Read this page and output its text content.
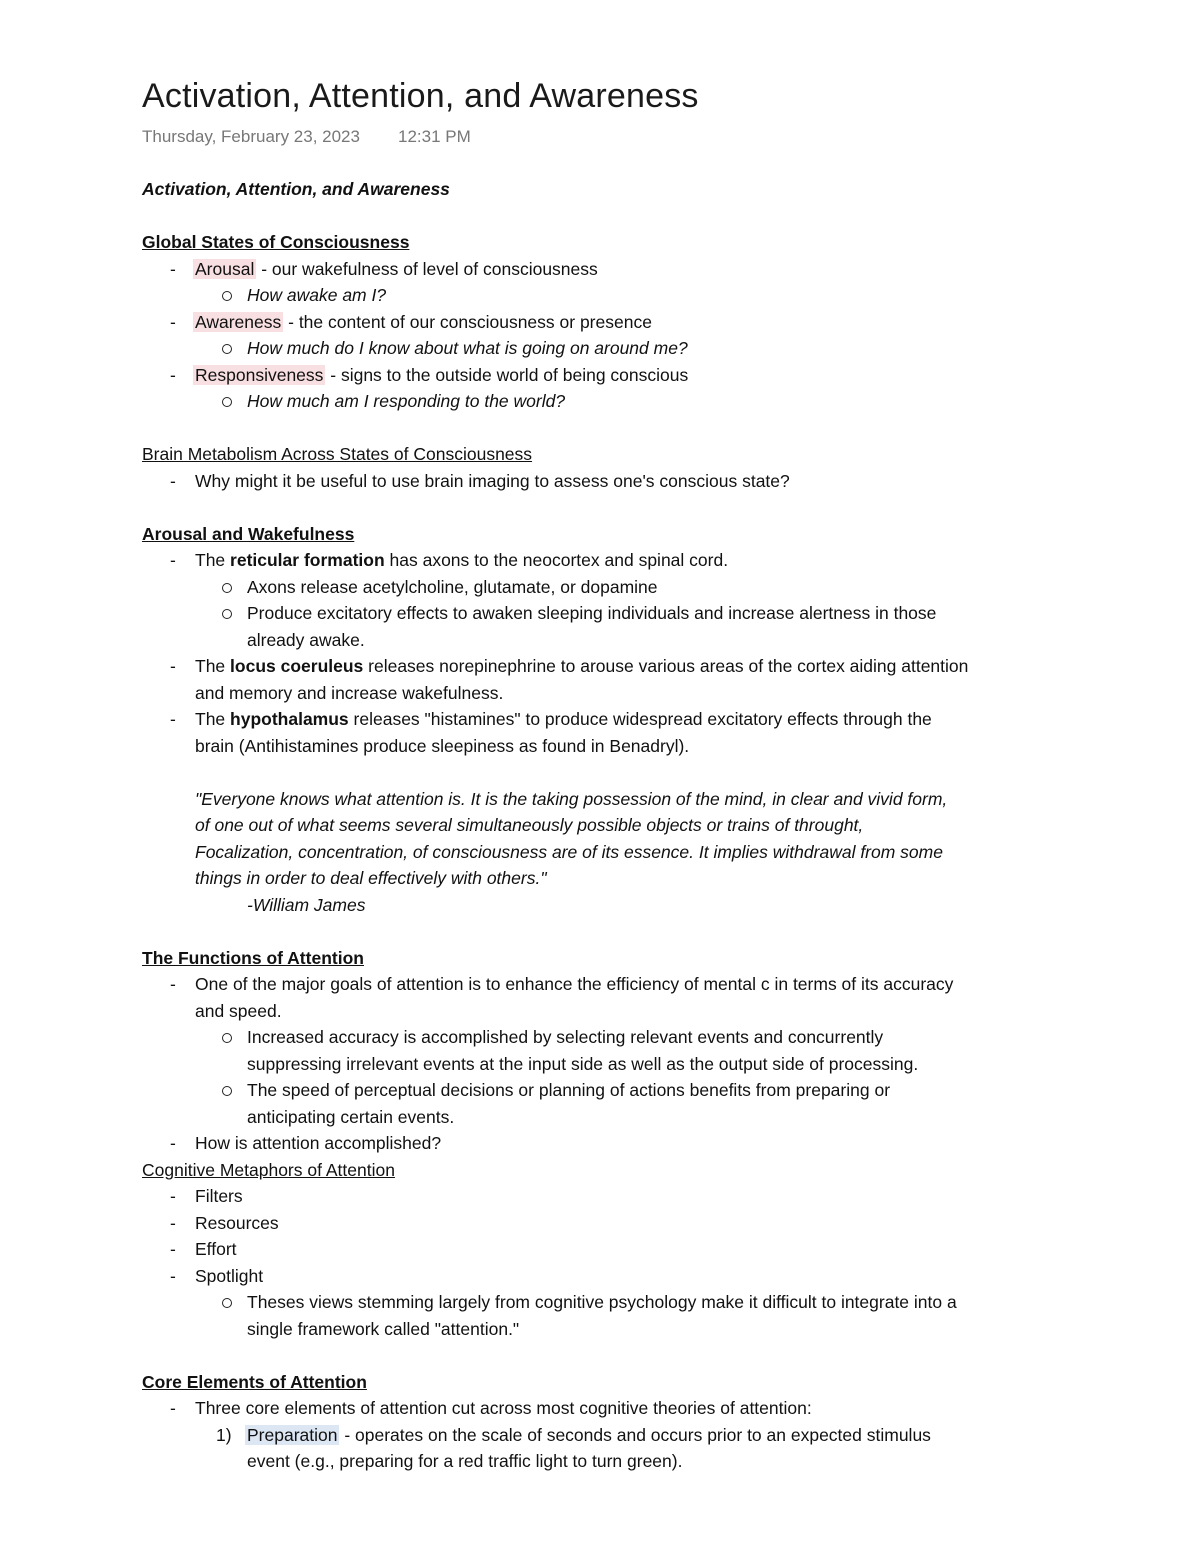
Activation, Attention, and Awareness
Thursday, February 23, 2023 12:31 PM
Activation, Attention, and Awareness
Global States of Consciousness
- Arousal - our wakefulness of level of consciousness
How awake am I?
- Awareness - the content of our consciousness or presence
How much do I know about what is going on around me?
- Responsiveness - signs to the outside world of being conscious
How much am I responding to the world?
Brain Metabolism Across States of Consciousness
- Why might it be useful to use brain imaging to assess one's conscious state?
Arousal and Wakefulness
- The reticular formation has axons to the neocortex and spinal cord.
Axons release acetylcholine, glutamate, or dopamine
Produce excitatory effects to awaken sleeping individuals and increase alertness in those
already awake.
- The locus coeruleus releases norepinephrine to arouse various areas of the cortex aiding attention
and memory and increase wakefulness.
- The hypothalamus releases "histamines" to produce widespread excitatory effects through the
brain (Antihistamines produce sleepiness as found in Benadryl).
"Everyone knows what attention is. It is the taking possession of the mind, in clear and vivid form,
of one out of what seems several simultaneously possible objects or trains of throught,
Focalization, concentration, of consciousness are of its essence. It implies withdrawal from some
things in order to deal effectively with others."
-William James
The Functions of Attention
- One of the major goals of attention is to enhance the efficiency of mental c in terms of its accuracy
and speed.
Increased accuracy is accomplished by selecting relevant events and concurrently
suppressing irrelevant events at the input side as well as the output side of processing.
The speed of perceptual decisions or planning of actions benefits from preparing or
anticipating certain events.
- How is attention accomplished?
Cognitive Metaphors of Attention
- Filters
- Resources
- Effort
- Spotlight
Theses views stemming largely from cognitive psychology make it difficult to integrate into a
single framework called "attention."
Core Elements of Attention
- Three core elements of attention cut across most cognitive theories of attention:
1) Preparation - operates on the scale of seconds and occurs prior to an expected stimulus
event (e.g., preparing for a red traffic light to turn green).
